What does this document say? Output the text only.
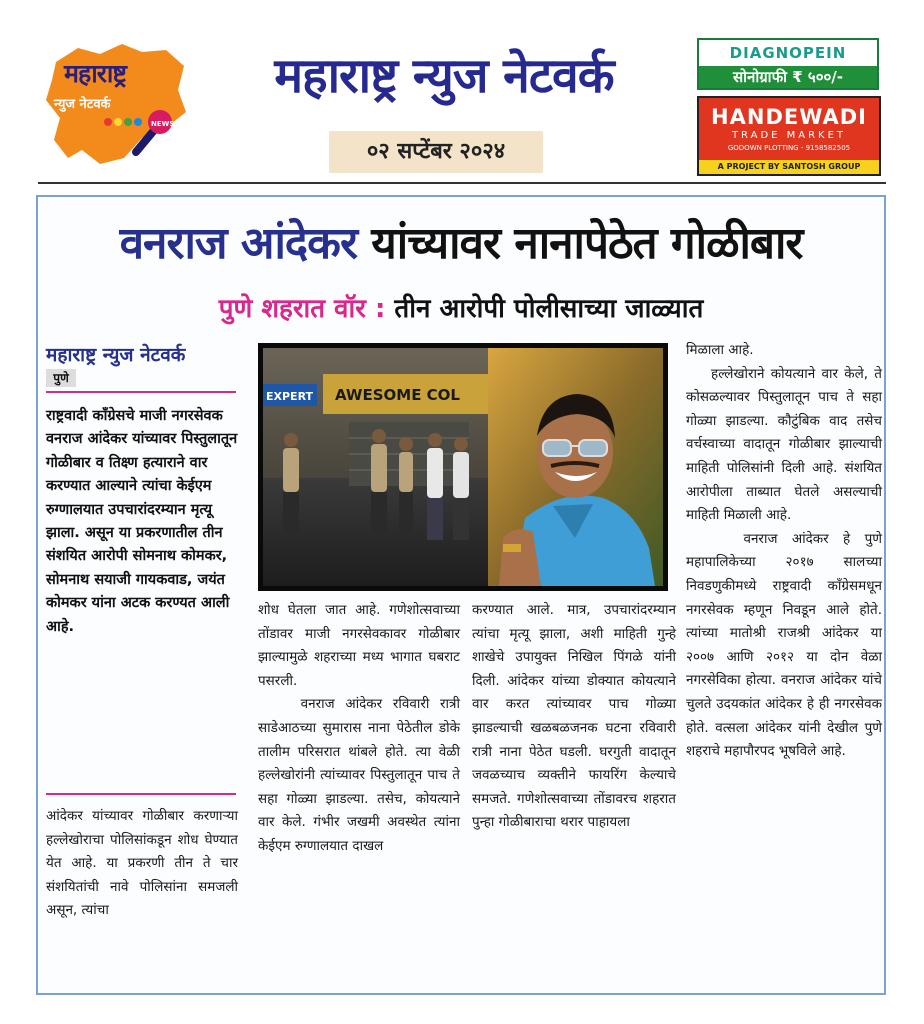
NEWS
महाराष्ट्र
न्युज नेटवर्क
महाराष्ट्र न्युज नेटवर्क
०२ सप्टेंबर २०२४
DIAGNOPEIN
सोनोग्राफी ₹ ५००/-
HANDEWADI
TRADE MARKET
GODOWN PLOTTING - 9158582505
A PROJECT BY SANTOSH GROUP
वनराज आंदेकर यांच्यावर नानापेठेत गोळीबार
पुणे शहरात वॉर : तीन आरोपी पोलीसाच्या जाळ्यात
महाराष्ट्र न्युज नेटवर्क
पुणे
राष्ट्रवादी काँग्रेसचे माजी नगरसेवक वनराज आंदेकर यांच्यावर पिस्तुलातून गोळीबार व तिक्ष्ण हत्याराने वार करण्यात आल्याने त्यांचा केईएम रुग्णालयात उपचारांदरम्यान मृत्यू झाला. असून या प्रकरणातील तीन संशयित आरोपी सोमनाथ कोमकर, सोमनाथ सयाजी गायकवाड, जयंत कोमकर यांना अटक करण्यत आली आहे.
आंदेकर यांच्यावर गोळीबार करणाऱ्या हल्लेखोराचा पोलिसांकडून शोध घेण्यात येत आहे. या प्रकरणी तीन ते चार संशयितांची नावे पोलिसांना समजली असून, त्यांचा
AWESOME COL
EXPERT
शोध घेतला जात आहे. गणेशोत्सवाच्या तोंडावर माजी नगरसेवकावर गोळीबार झाल्यामुळे शहराच्या मध्य भागात घबराट पसरली.
वनराज आंदेकर रविवारी रात्री साडेआठच्या सुमारास नाना पेठेतील डोके तालीम परिसरात थांबले होते. त्या वेळी हल्लेखोरांनी त्यांच्यावर पिस्तुलातून पाच ते सहा गोळ्या झाडल्या. तसेच, कोयत्याने वार केले. गंभीर जखमी अवस्थेत त्यांना केईएम रुग्णालयात दाखल
करण्यात आले. मात्र, उपचारांदरम्यान त्यांचा मृत्यू झाला, अशी माहिती गुन्हे शाखेचे उपायुक्त निखिल पिंगळे यांनी दिली. आंदेकर यांच्या डोक्यात कोयत्याने वार करत त्यांच्यावर पाच गोळ्या झाडल्याची खळबळजनक घटना रविवारी रात्री नाना पेठेत घडली. घरगुती वादातून जवळच्याच व्यक्तीने फायरिंग केल्याचे समजते. गणेशोत्सवाच्या तोंडावरच शहरात पुन्हा गोळीबाराचा थरार पाहायला
मिळाला आहे.
हल्लेखोराने कोयत्याने वार केले, ते कोसळल्यावर पिस्तुलातून पाच ते सहा गोळ्या झाडल्या. कौटुंबिक वाद तसेच वर्चस्वाच्या वादातून गोळीबार झाल्याची माहिती पोलिसांनी दिली आहे. संशयित आरोपीला ताब्यात घेतले असल्याची माहिती मिळाली आहे.
वनराज आंदेकर हे पुणे महापालिकेच्या २०१७ सालच्या निवडणुकीमध्ये राष्ट्रवादी काँग्रेसमधून नगरसेवक म्हणून निवडून आले होते. त्यांच्या मातोश्री राजश्री आंदेकर या २००७ आणि २०१२ या दोन वेळा नगरसेविका होत्या. वनराज आंदेकर यांचे चुलते उदयकांत आंदेकर हे ही नगरसेवक होते. वत्सला आंदेकर यांनी देखील पुणे शहराचे महापौरपद भूषविले आहे.
